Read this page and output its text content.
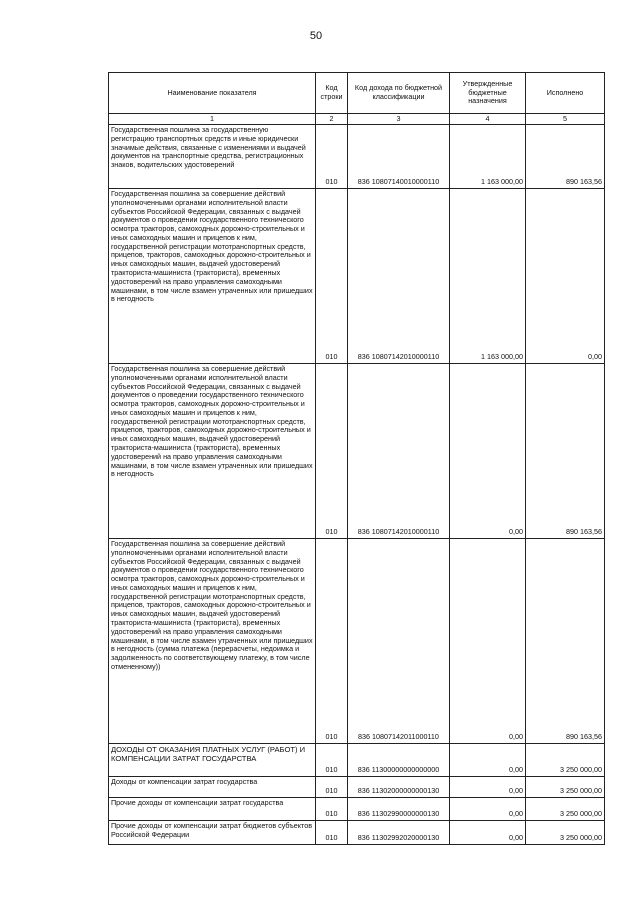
50
Наименование показателя	Код строки	Код дохода по бюджетной классификации	Утвержденные бюджетные назначения	Исполнено
1	2	3	4	5
Государственная пошлина за государственную регистрацию транспортных средств и иные юридически значимые действия, связанные с изменениями и выдачей документов на транспортные средства, регистрационных знаков, водительских удостоверений	010	836 10807140010000110	1 163 000,00	890 163,56
Государственная пошлина за совершение действий уполномоченными органами исполнительной власти субъектов Российской Федерации, связанных с выдачей документов о проведении государственного технического осмотра тракторов, самоходных дорожно-строительных и иных самоходных машин и прицепов к ним, государственной регистрации мототранспортных средств, прицепов, тракторов, самоходных дорожно-строительных и иных самоходных машин, выдачей удостоверений тракториста-машиниста (тракториста), временных удостоверений на право управления самоходными машинами, в том числе взамен утраченных или пришедших в негодность	010	836 10807142010000110	1 163 000,00	0,00
Государственная пошлина за совершение действий уполномоченными органами исполнительной власти субъектов Российской Федерации, связанных с выдачей документов о проведении государственного технического осмотра тракторов, самоходных дорожно-строительных и иных самоходных машин и прицепов к ним, государственной регистрации мототранспортных средств, прицепов, тракторов, самоходных дорожно-строительных и иных самоходных машин, выдачей удостоверений тракториста-машиниста (тракториста), временных удостоверений на право управления самоходными машинами, в том числе взамен утраченных или пришедших в негодность	010	836 10807142010000110	0,00	890 163,56
Государственная пошлина за совершение действий уполномоченными органами исполнительной власти субъектов Российской Федерации, связанных с выдачей документов о проведении государственного технического осмотра тракторов, самоходных дорожно-строительных и иных самоходных машин и прицепов к ним, государственной регистрации мототранспортных средств, прицепов, тракторов, самоходных дорожно-строительных и иных самоходных машин, выдачей удостоверений тракториста-машиниста (тракториста), временных удостоверений на право управления самоходными машинами, в том числе взамен утраченных или пришедших в негодность (сумма платежа (перерасчеты, недоимка и задолженность по соответствующему платежу, в том числе отмененному))	010	836 10807142011000110	0,00	890 163,56
ДОХОДЫ ОТ ОКАЗАНИЯ ПЛАТНЫХ УСЛУГ (РАБОТ) И КОМПЕНСАЦИИ ЗАТРАТ ГОСУДАРСТВА	010	836 11300000000000000	0,00	3 250 000,00
Доходы от компенсации затрат государства	010	836 11302000000000130	0,00	3 250 000,00
Прочие доходы от компенсации затрат государства	010	836 11302990000000130	0,00	3 250 000,00
Прочие доходы от компенсации затрат бюджетов субъектов Российской Федерации	010	836 11302992020000130	0,00	3 250 000,00
